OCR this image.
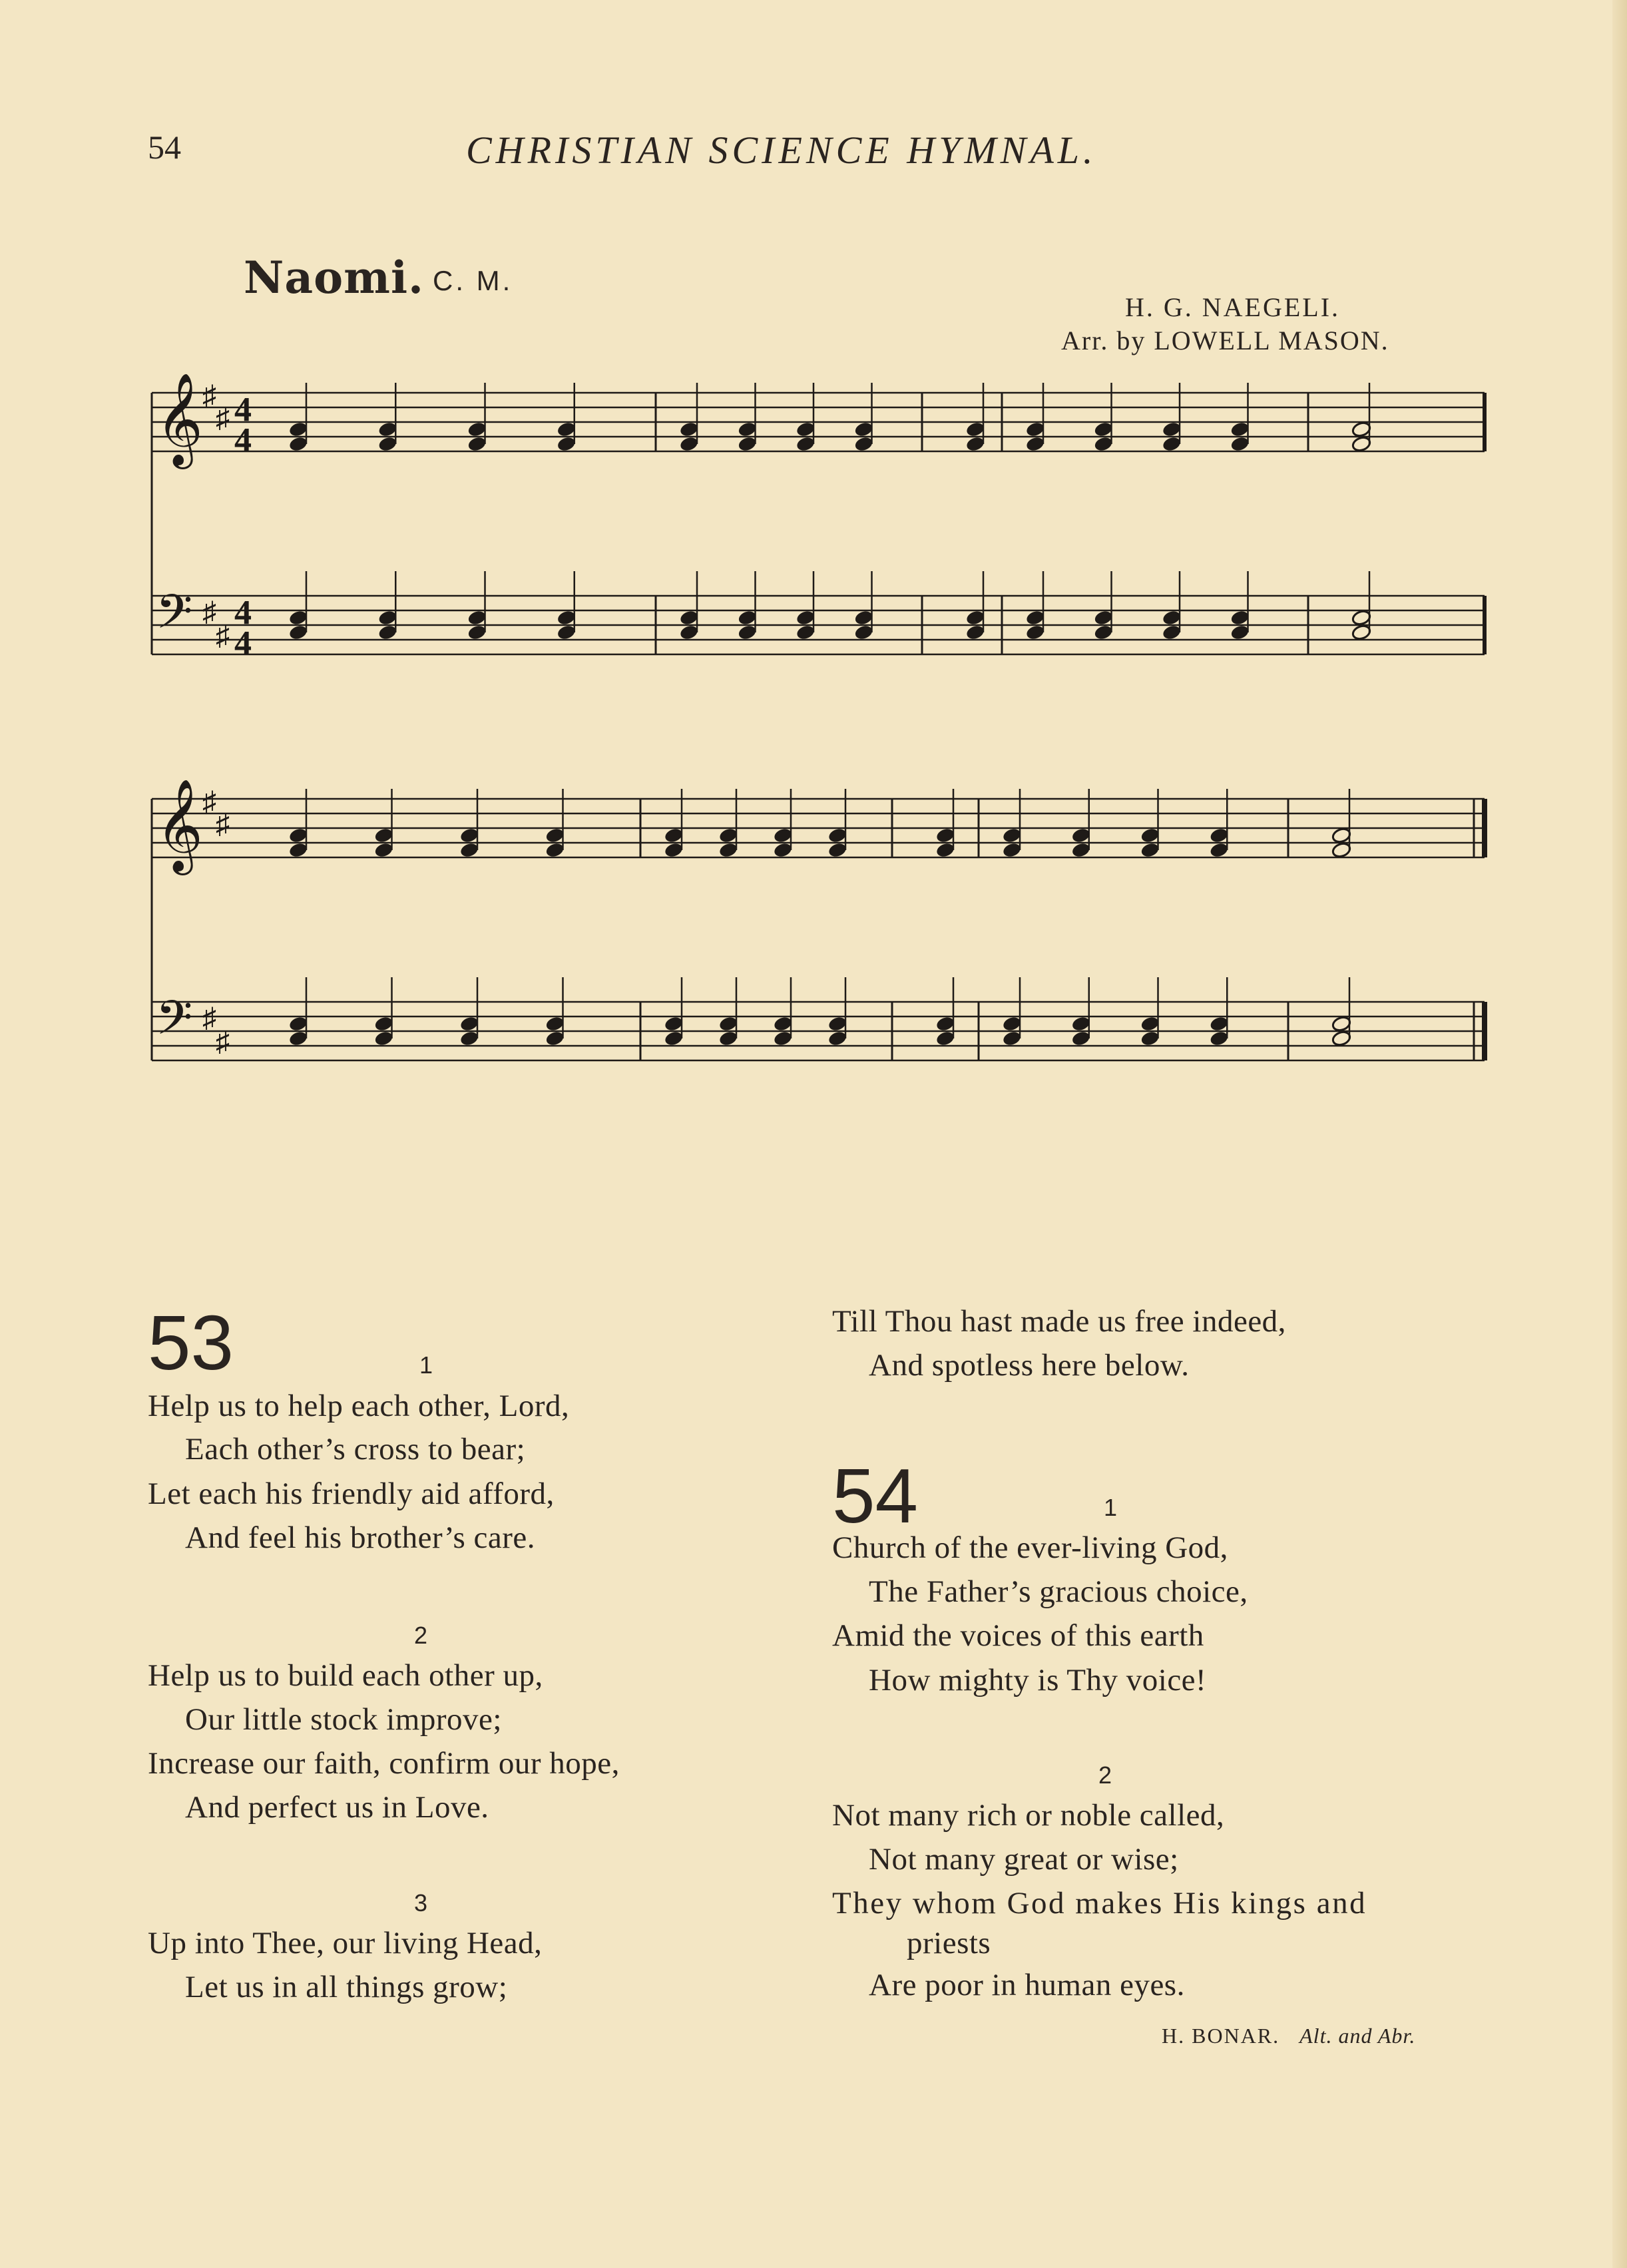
54	CHRISTIAN SCIENCE HYMNAL.
Naomi. C. M.
H. G. NAEGELI.
Arr. by LOWELL MASON.
𝄞 ♯
♯ 4
4
𝄢 ♯
♯
4
4
𝄞 ♯
♯
𝄢 ♯
♯
53	1
Help us to help each other, Lord,
Each other’s cross to bear;
Let each his friendly aid afford,
And feel his brother’s care.
2
Help us to build each other up,
Our little stock improve;
Increase our faith, confirm our hope,
And perfect us in Love.
3
Up into Thee, our living Head,
Let us in all things grow;
Till Thou hast made us free indeed,
And spotless here below.
54	1
Church of the ever-living God,
The Father’s gracious choice,
Amid the voices of this earth
How mighty is Thy voice!
2
Not many rich or noble called,
Not many great or wise;
They whom God makes His kings and
priests
Are poor in human eyes.
H. BONAR. Alt. and Abr.
